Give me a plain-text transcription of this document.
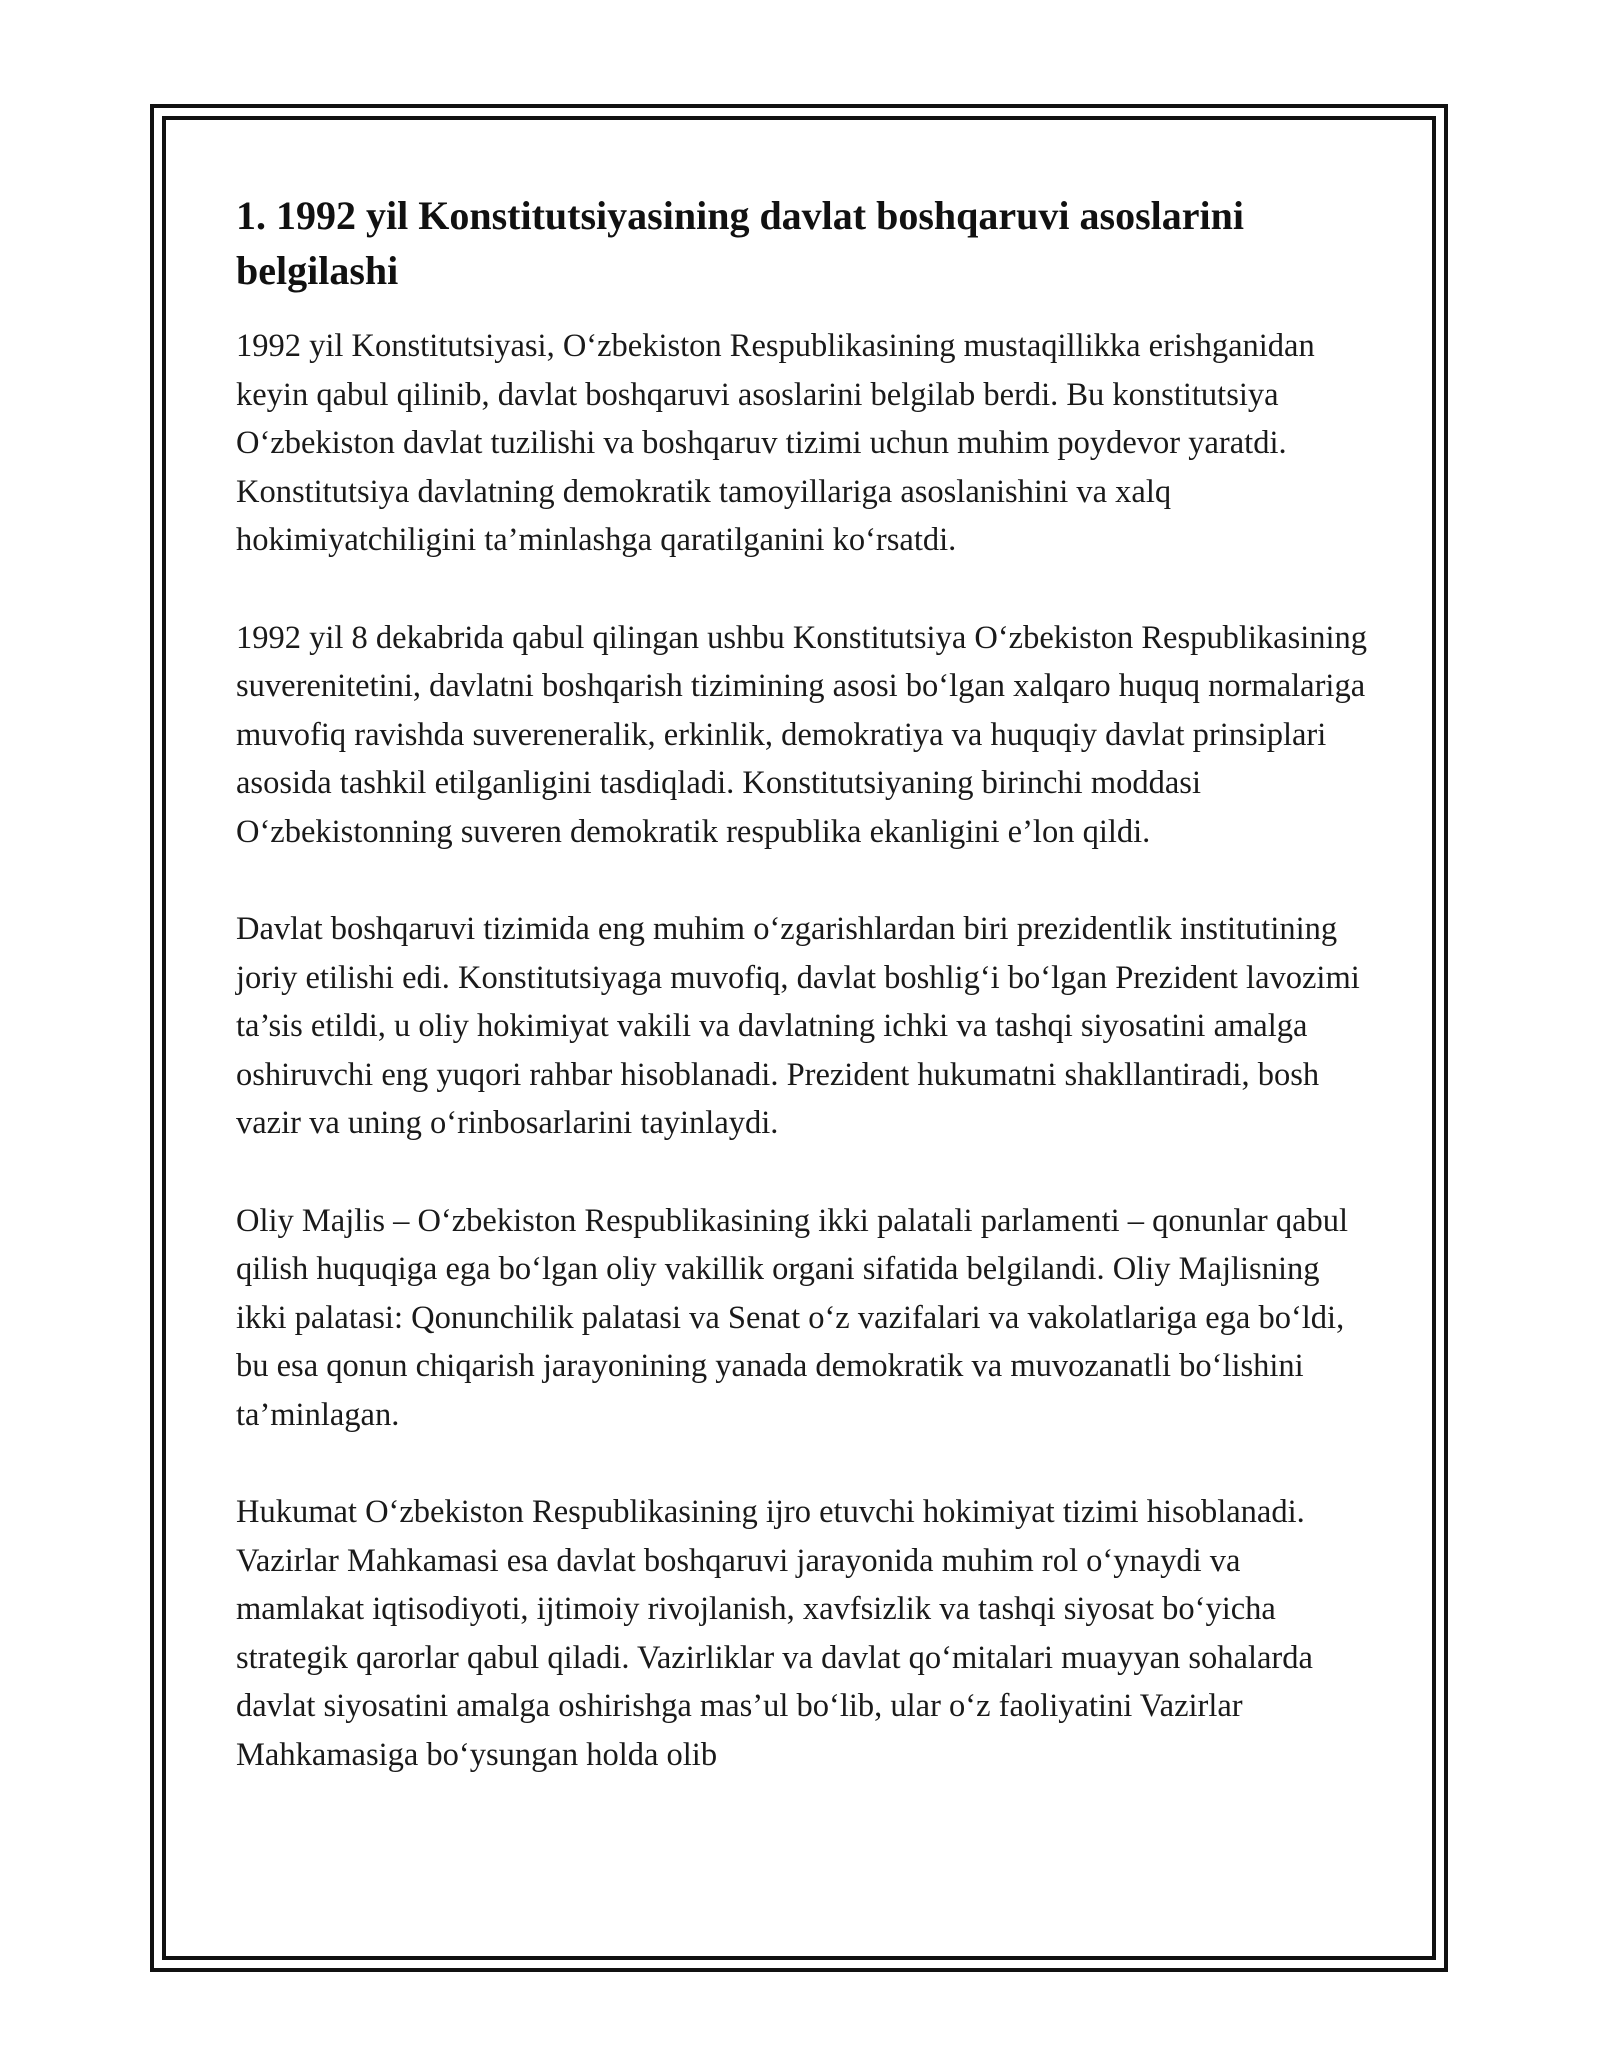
1. 1992 yil Konstitutsiyasining davlat boshqaruvi asoslarini belgilashi

1992 yil Konstitutsiyasi, O‘zbekiston Respublikasining mustaqillikka erishganidan keyin qabul qilinib, davlat boshqaruvi asoslarini belgilab berdi. Bu konstitutsiya O‘zbekiston davlat tuzilishi va boshqaruv tizimi uchun muhim poydevor yaratdi. Konstitutsiya davlatning demokratik tamoyillariga asoslanishini va xalq hokimiyatchiligini ta’minlashga qaratilganini ko‘rsatdi.

1992 yil 8 dekabrida qabul qilingan ushbu Konstitutsiya O‘zbekiston Respublikasining suverenitetini, davlatni boshqarish tizimining asosi bo‘lgan xalqaro huquq normalariga muvofiq ravishda suvereneralik, erkinlik, demokratiya va huquqiy davlat prinsiplari asosida tashkil etilganligini tasdiqladi. Konstitutsiyaning birinchi moddasi O‘zbekistonning suveren demokratik respublika ekanligini e’lon qildi.

Davlat boshqaruvi tizimida eng muhim o‘zgarishlardan biri prezidentlik institutining joriy etilishi edi. Konstitutsiyaga muvofiq, davlat boshlig‘i bo‘lgan Prezident lavozimi ta’sis etildi, u oliy hokimiyat vakili va davlatning ichki va tashqi siyosatini amalga oshiruvchi eng yuqori rahbar hisoblanadi. Prezident hukumatni shakllantiradi, bosh vazir va uning o‘rinbosarlarini tayinlaydi.

Oliy Majlis – O‘zbekiston Respublikasining ikki palatali parlamenti – qonunlar qabul qilish huquqiga ega bo‘lgan oliy vakillik organi sifatida belgilandi. Oliy Majlisning ikki palatasi: Qonunchilik palatasi va Senat o‘z vazifalari va vakolatlariga ega bo‘ldi, bu esa qonun chiqarish jarayonining yanada demokratik va muvozanatli bo‘lishini ta’minlagan.

Hukumat O‘zbekiston Respublikasining ijro etuvchi hokimiyat tizimi hisoblanadi. Vazirlar Mahkamasi esa davlat boshqaruvi jarayonida muhim rol o‘ynaydi va mamlakat iqtisodiyoti, ijtimoiy rivojlanish, xavfsizlik va tashqi siyosat bo‘yicha strategik qarorlar qabul qiladi. Vazirliklar va davlat qo‘mitalari muayyan sohalarda davlat siyosatini amalga oshirishga mas’ul bo‘lib, ular o‘z faoliyatini Vazirlar Mahkamasiga bo‘ysungan holda olib
